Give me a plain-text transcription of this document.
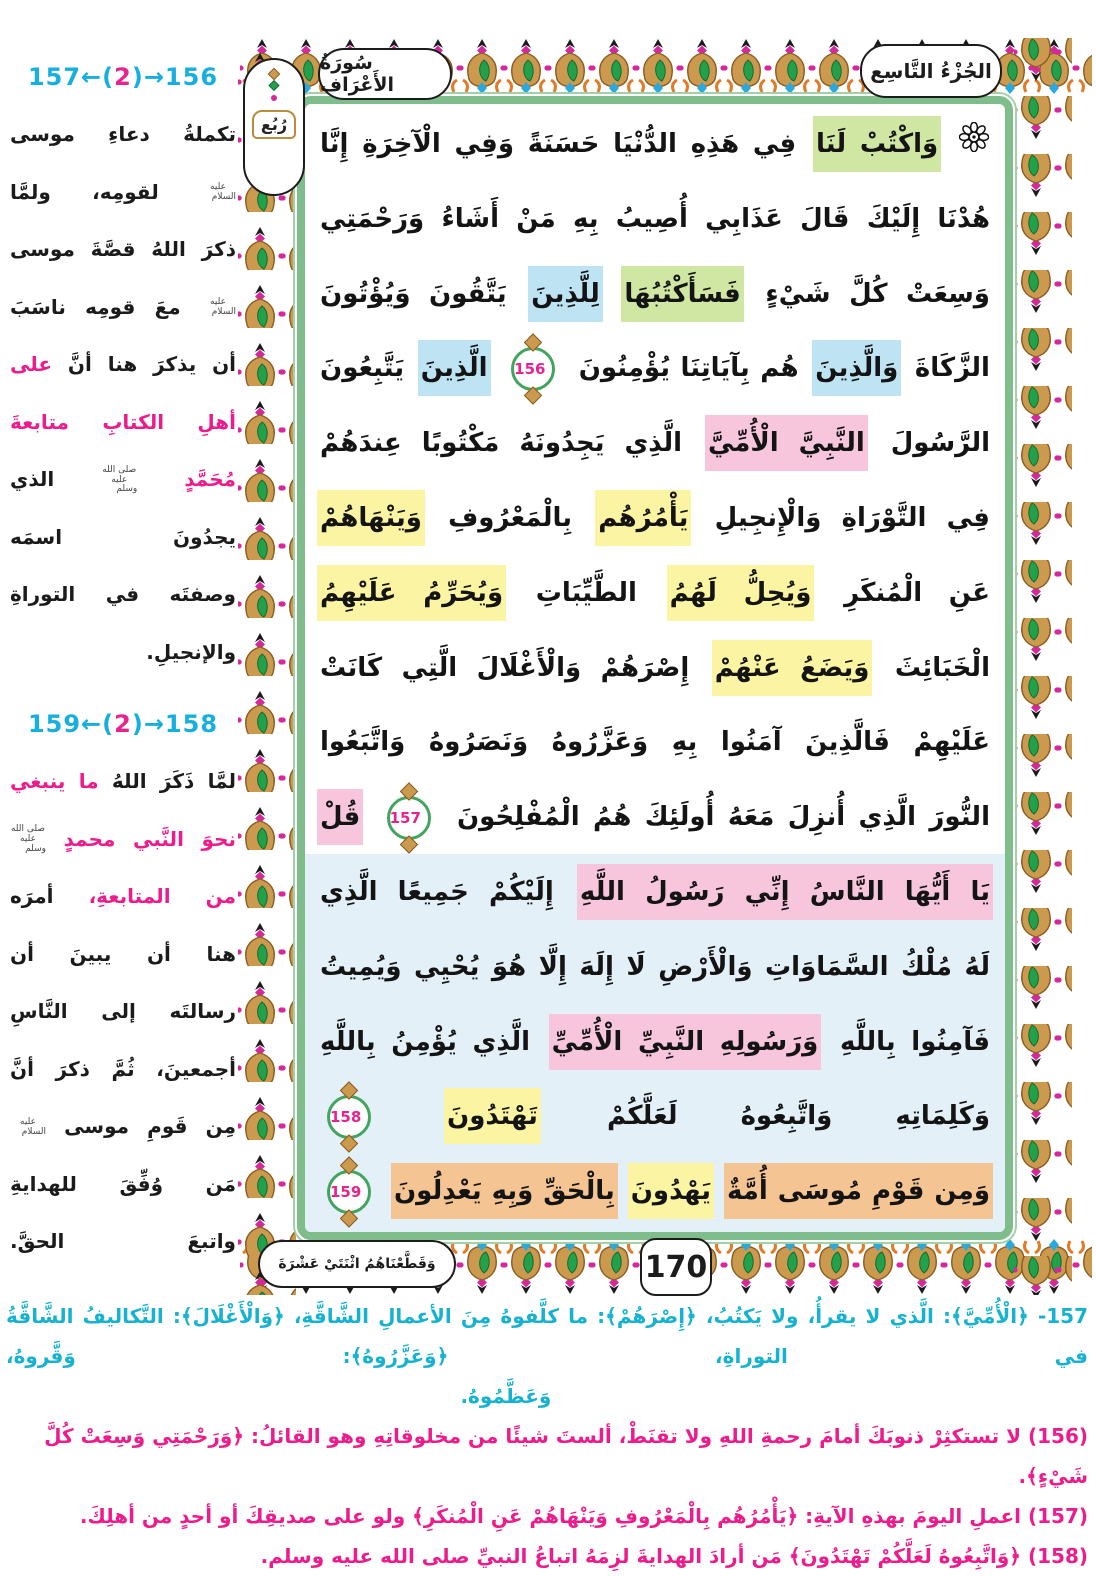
سُورَةُ الأَعْرَاف
الجُزْءُ التَّاسِع
رُبُع
157←(2)→156
تكملةُ دعاءِ موسى
عليه السلام لقومِه، ولمَّا
ذكرَ اللهُ قصَّةَ موسى
عليه السلام معَ قومِه ناسَبَ
أن يذكرَ هنا أنَّ على
أهلِ الكتابِ متابعةَ
مُحَمَّدٍ صلى الله عليه وسلم الذي
يجدُونَ اسمَه
وصفتَه في التوراةِ
والإنجيلِ.
159←(2)→158
لمَّا ذَكَرَ اللهُ ما ينبغي
نحوَ النَّبي محمدٍ صلى الله عليه وسلم
من المتابعةِ، أمرَه
هنا أن يبينَ أن
رسالتَه إلى النَّاسِ
أجمعينَ، ثُمَّ ذكرَ أنَّ
مِن قَومِ موسى عليه السلام
مَن وُفِّقَ للهدايةِ
واتبعَ الحقَّ.
وَاكْتُبْ لَنَا فِي هَذِهِ الدُّنْيَا حَسَنَةً وَفِي الْآخِرَةِ إِنَّا
هُدْنَا إِلَيْكَ قَالَ عَذَابِي أُصِيبُ بِهِ مَنْ أَشَاءُ وَرَحْمَتِي
وَسِعَتْ كُلَّ شَيْءٍ فَسَأَكْتُبُهَا لِلَّذِينَ يَتَّقُونَ وَيُؤْتُونَ
الزَّكَاةَ وَالَّذِينَ هُم بِآيَاتِنَا يُؤْمِنُونَ
156
الَّذِينَ يَتَّبِعُونَ
الرَّسُولَ النَّبِيَّ الْأُمِّيَّ الَّذِي يَجِدُونَهُ مَكْتُوبًا عِندَهُمْ
فِي التَّوْرَاةِ وَالْإِنجِيلِ يَأْمُرُهُم بِالْمَعْرُوفِ وَيَنْهَاهُمْ
عَنِ الْمُنكَرِ وَيُحِلُّ لَهُمُ الطَّيِّبَاتِ وَيُحَرِّمُ عَلَيْهِمُ
الْخَبَائِثَ وَيَضَعُ عَنْهُمْ إِصْرَهُمْ وَالْأَغْلَالَ الَّتِي كَانَتْ
عَلَيْهِمْ فَالَّذِينَ آمَنُوا بِهِ وَعَزَّرُوهُ وَنَصَرُوهُ وَاتَّبَعُوا
النُّورَ الَّذِي أُنزِلَ مَعَهُ أُولَئِكَ هُمُ الْمُفْلِحُونَ
157
قُلْ
يَا أَيُّهَا النَّاسُ إِنِّي رَسُولُ اللَّهِ إِلَيْكُمْ جَمِيعًا الَّذِي
لَهُ مُلْكُ السَّمَاوَاتِ وَالْأَرْضِ لَا إِلَهَ إِلَّا هُوَ يُحْيِي وَيُمِيتُ
فَآمِنُوا بِاللَّهِ وَرَسُولِهِ النَّبِيِّ الْأُمِّيِّ الَّذِي يُؤْمِنُ بِاللَّهِ
وَكَلِمَاتِهِ وَاتَّبِعُوهُ لَعَلَّكُمْ تَهْتَدُونَ
158
وَمِن قَوْمِ مُوسَى أُمَّةٌ يَهْدُونَ بِالْحَقِّ وَبِهِ يَعْدِلُونَ
159
وَقَطَّعْنَاهُمُ اثْنَتَيْ عَشْرَةَ	170
157- ﴿الْأُمِّيَّ﴾: الَّذي لا يقرأُ، ولا يَكتُبُ، ﴿إِصْرَهُمْ﴾: ما كلَّفوهُ مِنَ الأعمالِ الشَّاقَّةِ، ﴿وَالْأَغْلَالَ﴾: التَّكاليفُ الشَّاقَّةُ في التوراةِ، ﴿وَعَزَّرُوهُ﴾: وَقَّروهُ،
وَعَظَّمُوهُ.
(156) لا تستكثِرْ ذنوبَكَ أمامَ رحمةِ اللهِ ولا تقنَطْ، ألستَ شيئًا من مخلوقاتِهِ وهو القائلُ: ﴿وَرَحْمَتِي وَسِعَتْ كُلَّ شَيْءٍ﴾.
(157) اعملِ اليومَ بهذهِ الآيةِ: ﴿يَأْمُرُهُم بِالْمَعْرُوفِ وَيَنْهَاهُمْ عَنِ الْمُنكَرِ﴾ ولو على صديقِكَ أو أحدٍ من أهلِكَ.
(158) ﴿وَاتَّبِعُوهُ لَعَلَّكُمْ تَهْتَدُونَ﴾ مَن أرادَ الهدايةَ لزِمَهُ اتباعُ النبيِّ صلى الله عليه وسلم.
